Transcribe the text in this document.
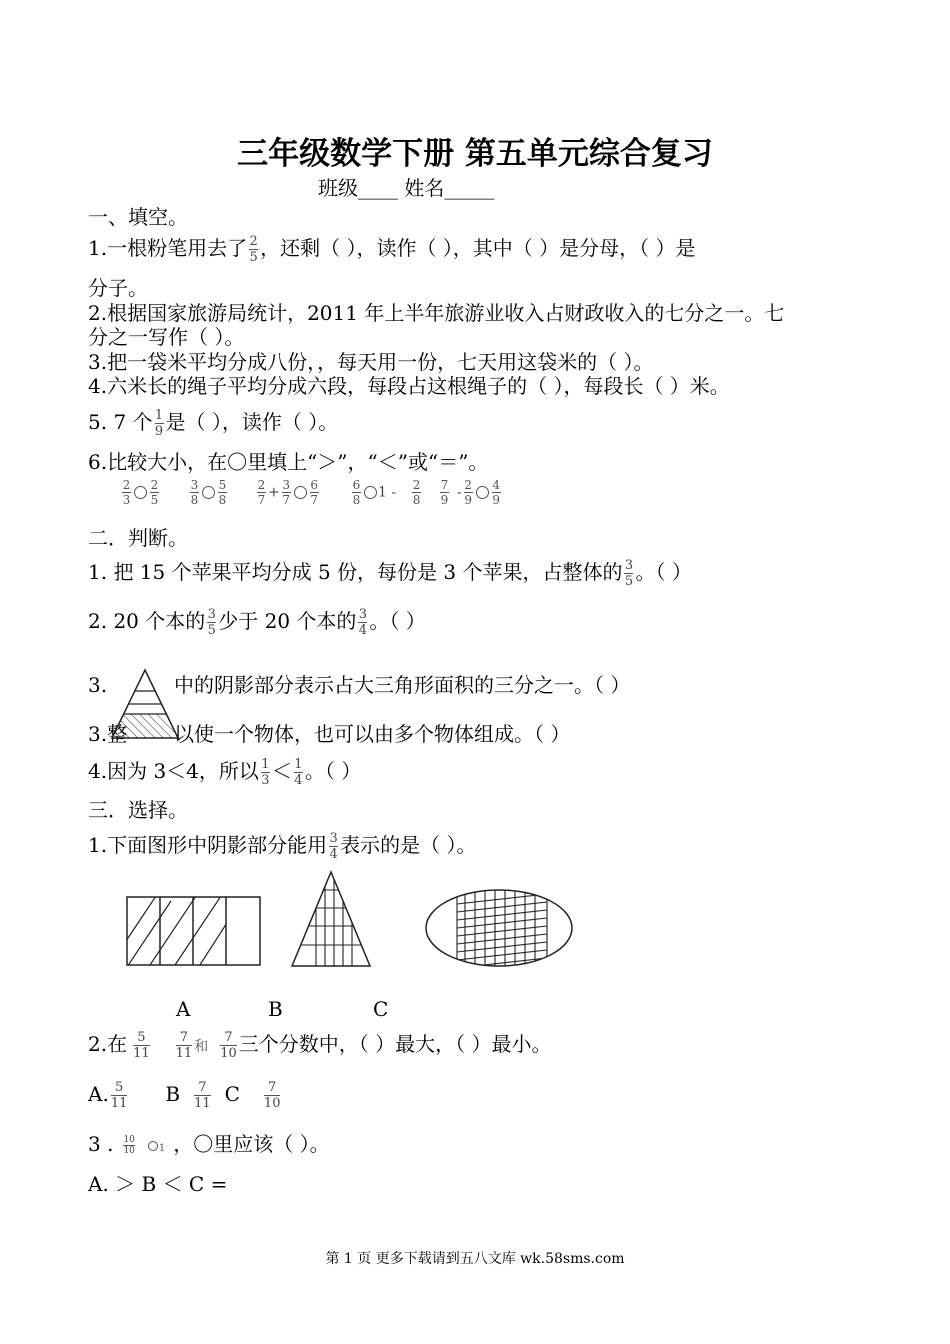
三年级数学下册 第五单元综合复习
班级____ 姓名_____
一、填空。
1.一根粉笔用去了 $\frac{2}{5}$ ，还剩（ ），读作（ ），其中（ ）是分母，（ ）是
分子。
2.根据国家旅游局统计，2011 年上半年旅游业收入占财政收入的七分之一。七
分之一写作（ ）。
3.把一袋米平均分成八份，，每天用一份，七天用这袋米的（ ）。
4.六米长的绳子平均分成六段，每段占这根绳子的（ ），每段长（ ）米。
5. 7 个 $\frac{1}{9}$ 是（ ），读作（ ）。
6.比较大小，在〇里填上“＞”，“＜”或“＝”。
$\frac{2}{3} \frac{2}{5}$	$\frac{3}{8} \frac{5}{8}$	$\frac{2}{7} + \frac{3}{7} \frac{6}{7}$	$\frac{6}{8} 1 - \frac{2}{8} \frac{7}{9} - \frac{2}{9} \frac{4}{9}$
二．判断。
1. 把 15 个苹果平均分成 5 份，每份是 3 个苹果，占整体的 $\frac{3}{5}$ 。（ ）
2. 20 个本的 $\frac{3}{5}$ 少于 20 个本的 $\frac{3}{4}$ 。（ ）
3.	中的阴影部分表示占大三角形面积的三分之一。（ ）
3.整 以使一个物体，也可以由多个物体组成。（ ）
4.因为 3＜4，所以 $\frac{1}{3} < \frac{1}{4}$ 。（ ）
三．选择。
1.下面图形中阴影部分能用 $\frac{3}{4}$ 表示的是（ ）。
A	B	C
2.在 $\frac{5}{11} \frac{7}{11}$ 和 $\frac{7}{10}$ 三个分数中，（ ）最大，（ ）最小。
A. $\frac{5}{11}$ B $\frac{7}{11}$ C $\frac{7}{10}$
3 . $\frac{10}{10} 1$ ，〇里应该（ ）。
A. ＞ B ＜ C =
第 1 页 更多下载请到五八文库 wk.58sms.com
